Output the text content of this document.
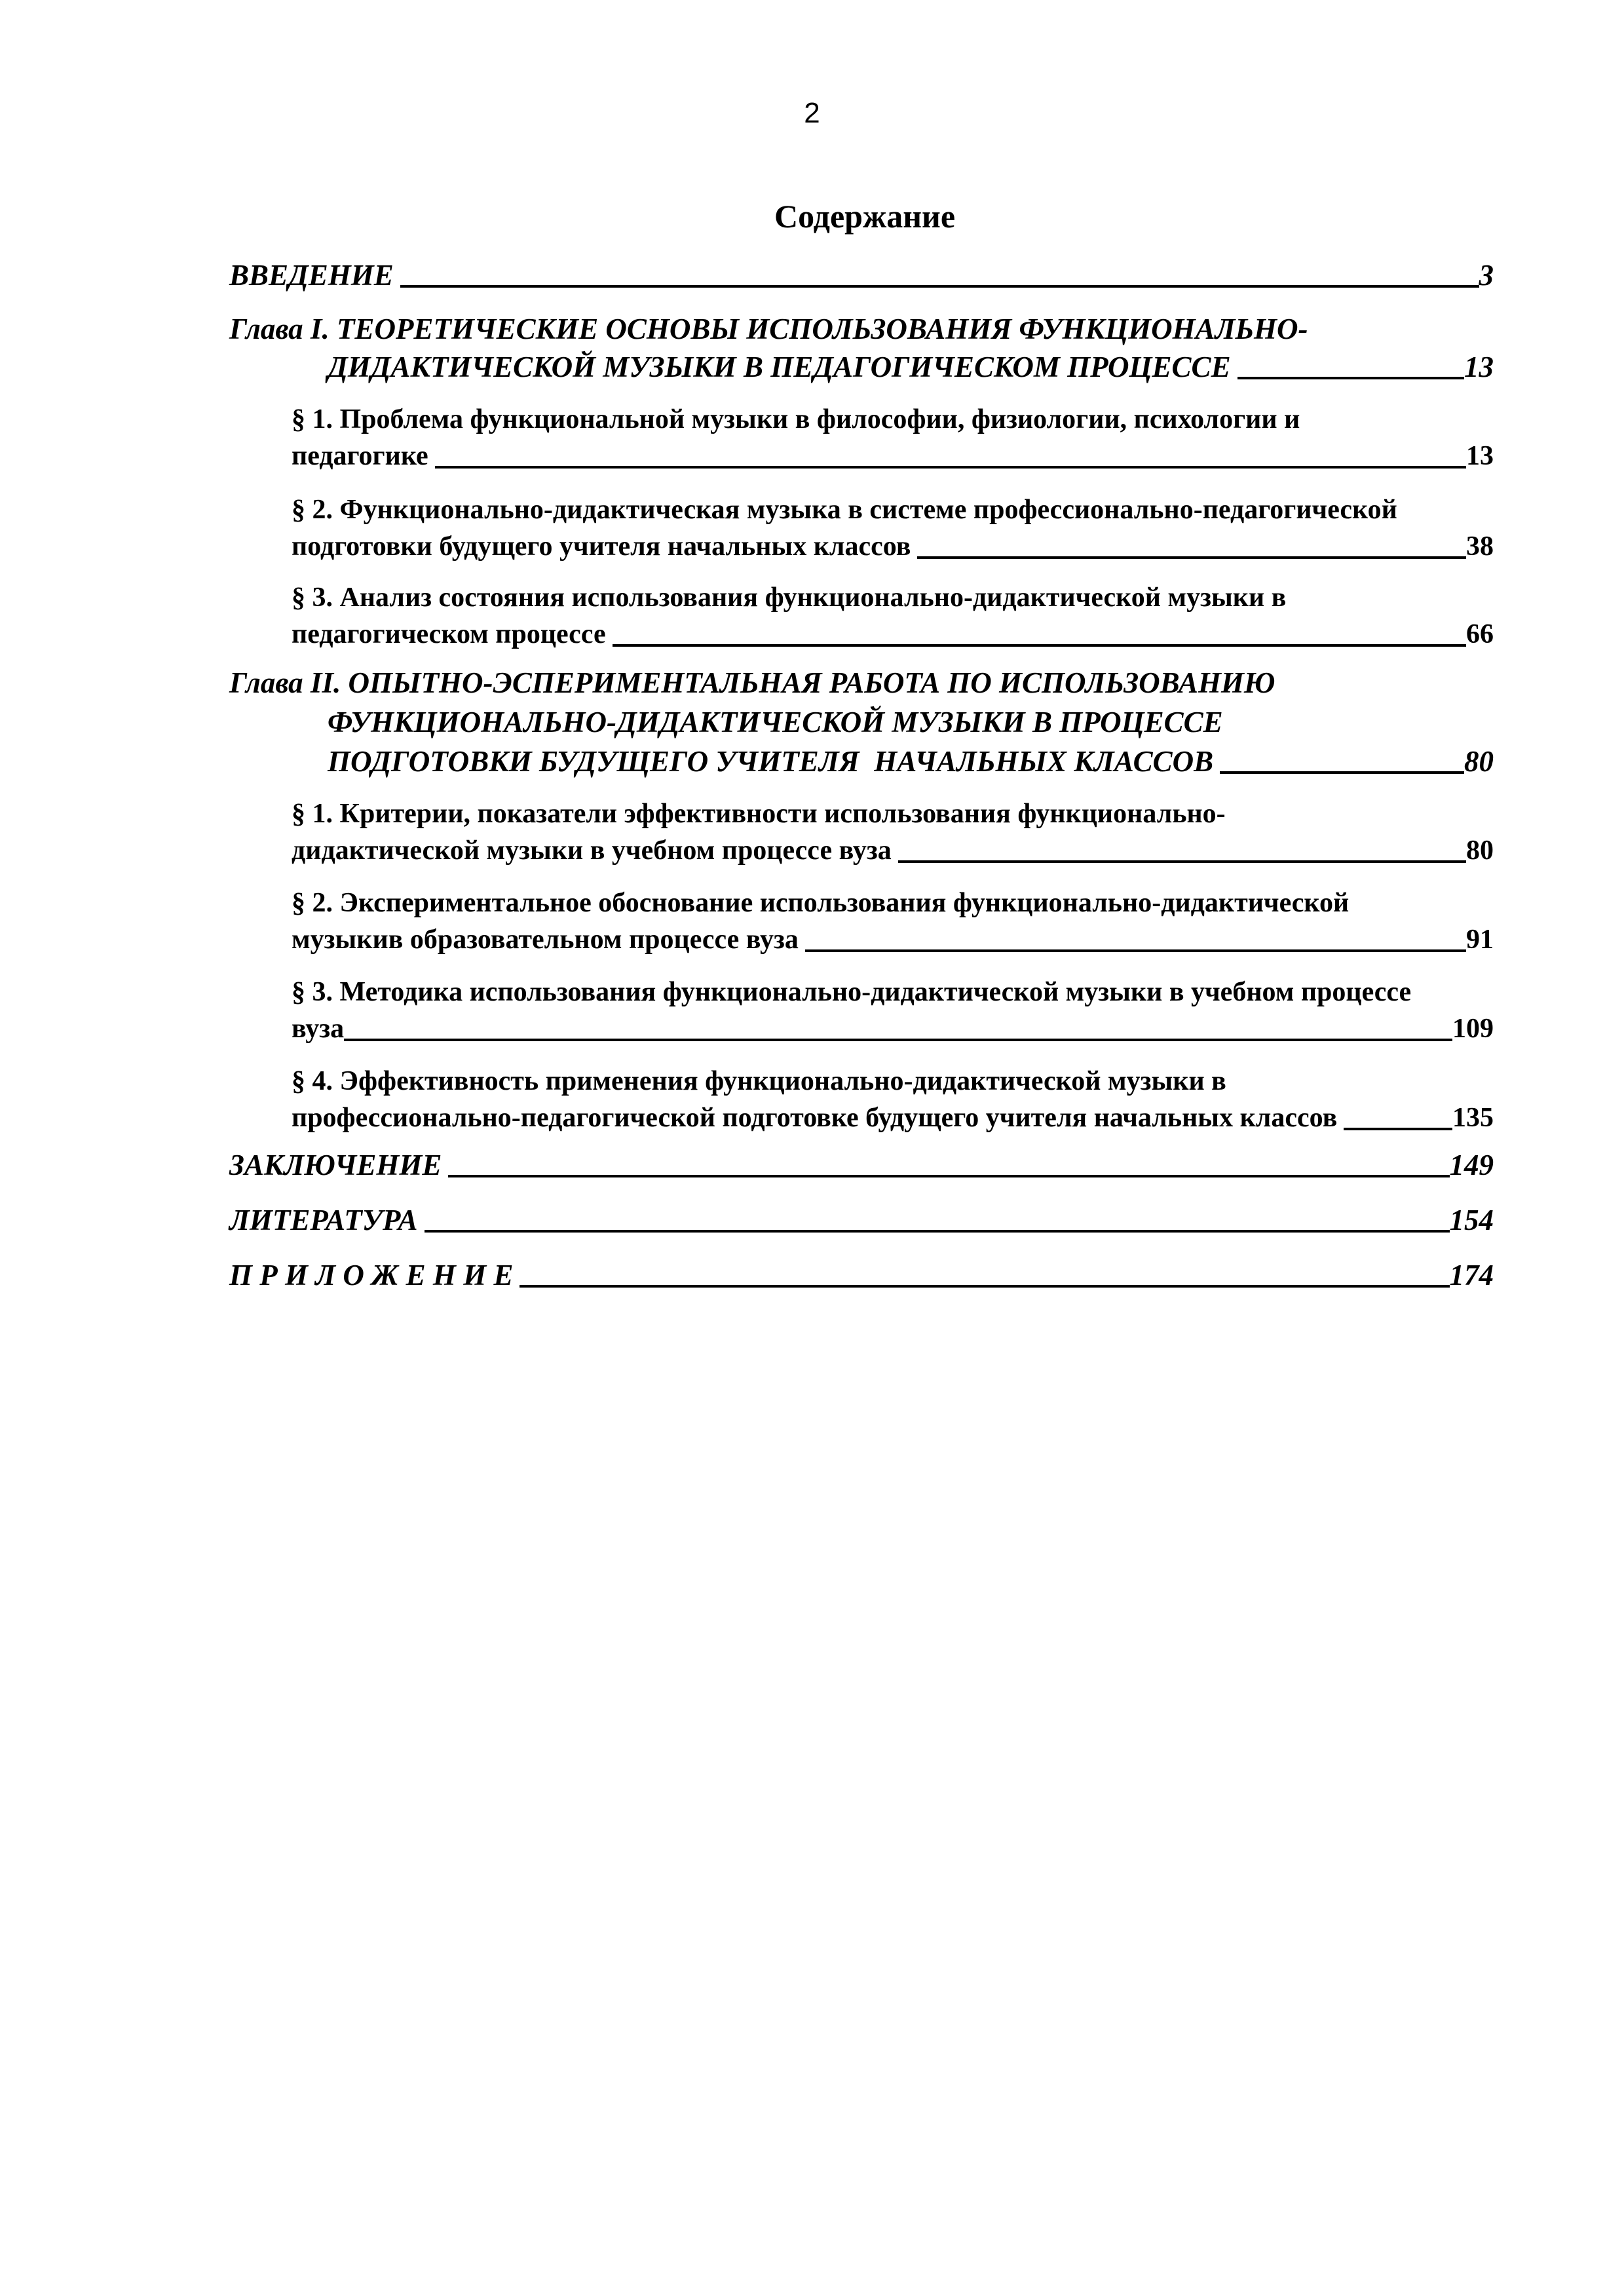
2
Содержание
ВВЕДЕНИЕ	3
Глава I. ТЕОРЕТИЧЕСКИЕ ОСНОВЫ ИСПОЛЬЗОВАНИЯ ФУНКЦИОНАЛЬНО-
ДИДАКТИЧЕСКОЙ МУЗЫКИ В ПЕДАГОГИЧЕСКОМ ПРОЦЕССЕ	13
§ 1. Проблема функциональной музыки в философии, физиологии, психологии и
педагогике	13
§ 2. Функционально-дидактическая музыка в системе профессионально-педагогической
подготовки будущего учителя начальных классов	38
§ 3. Анализ состояния использования функционально-дидактической музыки в
педагогическом процессе	66
Глава II. ОПЫТНО-ЭСПЕРИМЕНТАЛЬНАЯ РАБОТА ПО ИСПОЛЬЗОВАНИЮ
ФУНКЦИОНАЛЬНО-ДИДАКТИЧЕСКОЙ МУЗЫКИ В ПРОЦЕССЕ
ПОДГОТОВКИ БУДУЩЕГО УЧИТЕЛЯ  НАЧАЛЬНЫХ КЛАССОВ	80
§ 1. Критерии, показатели эффективности использования функционально-
дидактической музыки в учебном процессе вуза	80
§ 2. Экспериментальное обоснование использования функционально-дидактической
музыкив образовательном процессе вуза	91
§ 3. Методика использования функционально-дидактической музыки в учебном процессе
вуза	109
§ 4. Эффективность применения функционально-дидактической музыки в
профессионально-педагогической подготовке будущего учителя начальных классов	135
ЗАКЛЮЧЕНИЕ	149
ЛИТЕРАТУРА	154
П Р И Л О Ж Е Н И Е	174
